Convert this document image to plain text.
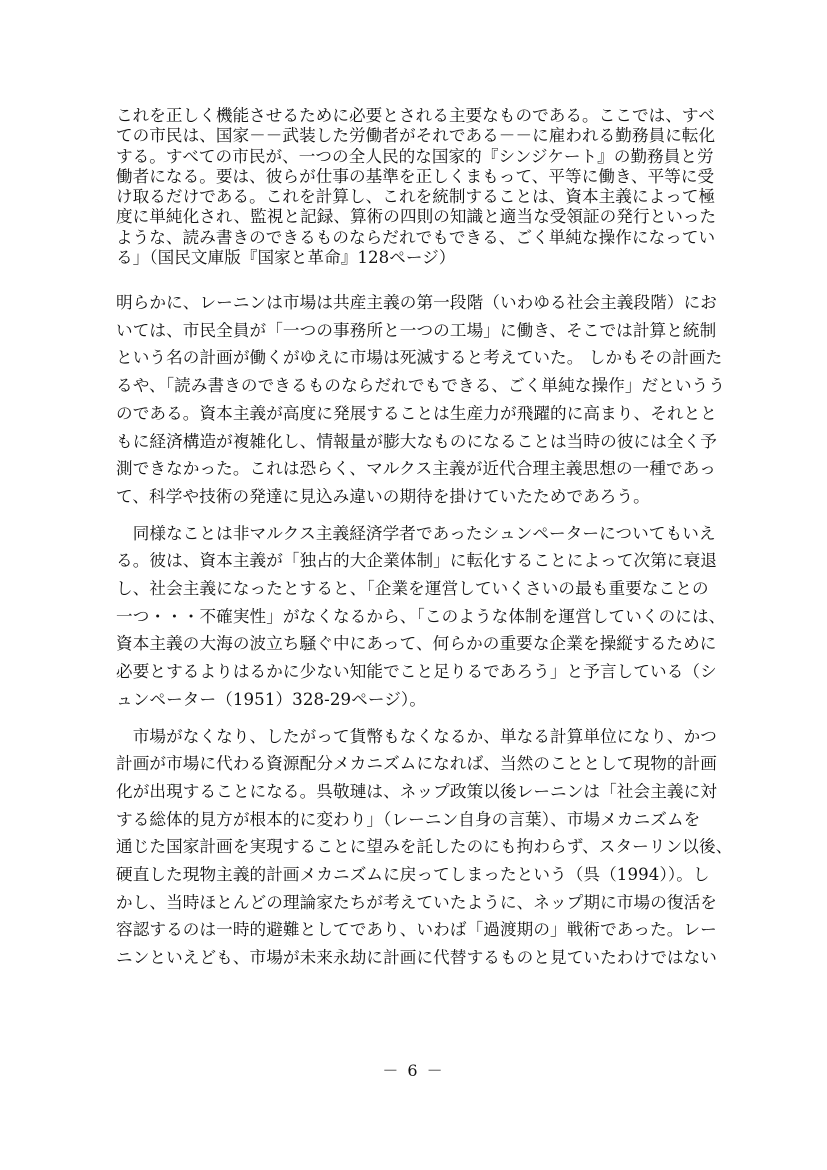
これを正しく機能させるために必要とされる主要なものである。ここでは、すべ
ての市民は、国家－－武装した労働者がそれである－－に雇われる勤務員に転化
する。すべての市民が、一つの全人民的な国家的『シンジケート』の勤務員と労
働者になる。要は、彼らが仕事の基準を正しくまもって、平等に働き、平等に受
け取るだけである。これを計算し、これを統制することは、資本主義によって極
度に単純化され、監視と記録、算術の四則の知識と適当な受領証の発行といった
ような、読み書きのできるものならだれでもできる、ごく単純な操作になってい
る」（国民文庫版『国家と革命』128ページ）
明らかに、レーニンは市場は共産主義の第一段階（いわゆる社会主義段階）にお
いては、市民全員が「一つの事務所と一つの工場」に働き、そこでは計算と統制
という名の計画が働くがゆえに市場は死滅すると考えていた。 しかもその計画た
るや、「読み書きのできるものならだれでもできる、ごく単純な操作」だというう
のである。資本主義が高度に発展することは生産力が飛躍的に高まり、それとと
もに経済構造が複雑化し、情報量が膨大なものになることは当時の彼には全く予
測できなかった。これは恐らく、マルクス主義が近代合理主義思想の一種であっ
て、科学や技術の発達に見込み違いの期待を掛けていたためであろう。
　同様なことは非マルクス主義経済学者であったシュンペーターについてもいえ
る。彼は、資本主義が「独占的大企業体制」に転化することによって次第に衰退
し、社会主義になったとすると、「企業を運営していくさいの最も重要なことの
一つ・・・不確実性」がなくなるから、「このような体制を運営していくのには、
資本主義の大海の波立ち騒ぐ中にあって、何らかの重要な企業を操縦するために
必要とするよりはるかに少ない知能でこと足りるであろう」と予言している（シ
ュンペーター（1951）328-29ページ）。
　市場がなくなり、したがって貨幣もなくなるか、単なる計算単位になり、かつ
計画が市場に代わる資源配分メカニズムになれば、当然のこととして現物的計画
化が出現することになる。呉敬璉は、ネップ政策以後レーニンは「社会主義に対
する総体的見方が根本的に変わり」（レーニン自身の言葉）、市場メカニズムを
通じた国家計画を実現することに望みを託したのにも拘わらず、スターリン以後、
硬直した現物主義的計画メカニズムに戻ってしまったという（呉（1994））。し
かし、当時ほとんどの理論家たちが考えていたように、ネップ期に市場の復活を
容認するのは一時的避難としてであり、いわば「過渡期の」戦術であった。レー
ニンといえども、市場が未来永劫に計画に代替するものと見ていたわけではない
－ 6 －
